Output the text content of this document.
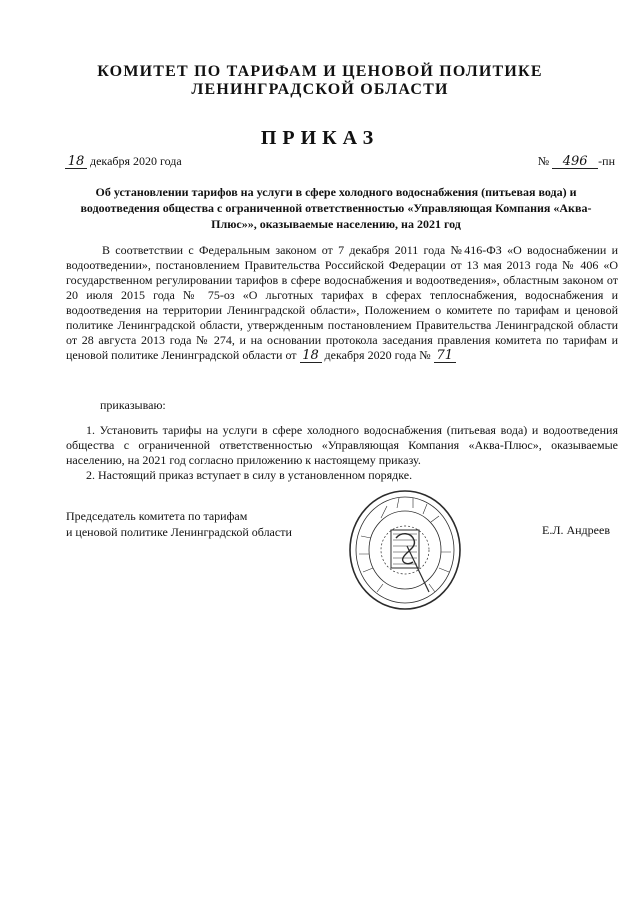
КОМИТЕТ ПО ТАРИФАМ И ЦЕНОВОЙ ПОЛИТИКЕ
ЛЕНИНГРАДСКОЙ ОБЛАСТИ
ПРИКАЗ
18 декабря 2020 года	№ 496 -пн
Об установлении тарифов на услуги в сфере холодного водоснабжения (питьевая вода) и водоотведения общества с ограниченной ответственностью «Управляющая Компания «Аква-Плюс»», оказываемые населению, на 2021 год
В соответствии с Федеральным законом от 7 декабря 2011 года №416-ФЗ «О водоснабжении и водоотведении», постановлением Правительства Российской Федерации от 13 мая 2013 года № 406 «О государственном регулировании тарифов в сфере водоснабжения и водоотведения», областным законом от 20 июля 2015 года № 75-оз «О льготных тарифах в сферах теплоснабжения, водоснабжения и водоотведения на территории Ленинградской области», Положением о комитете по тарифам и ценовой политике Ленинградской области, утвержденным постановлением Правительства Ленинградской области от 28 августа 2013 года № 274, и на основании протокола заседания правления комитета по тарифам и ценовой политике Ленинградской области от 18 декабря 2020 года № 71
приказываю:

1. Установить тарифы на услуги в сфере холодного водоснабжения (питьевая вода) и водоотведения общества с ограниченной ответственностью «Управляющая Компания «Аква-Плюс», оказываемые населению, на 2021 год согласно приложению к настоящему приказу.

2. Настоящий приказ вступает в силу в установленном порядке.

Председатель комитета по тарифам
и ценовой политике Ленинградской области	Е.Л. Андреев
